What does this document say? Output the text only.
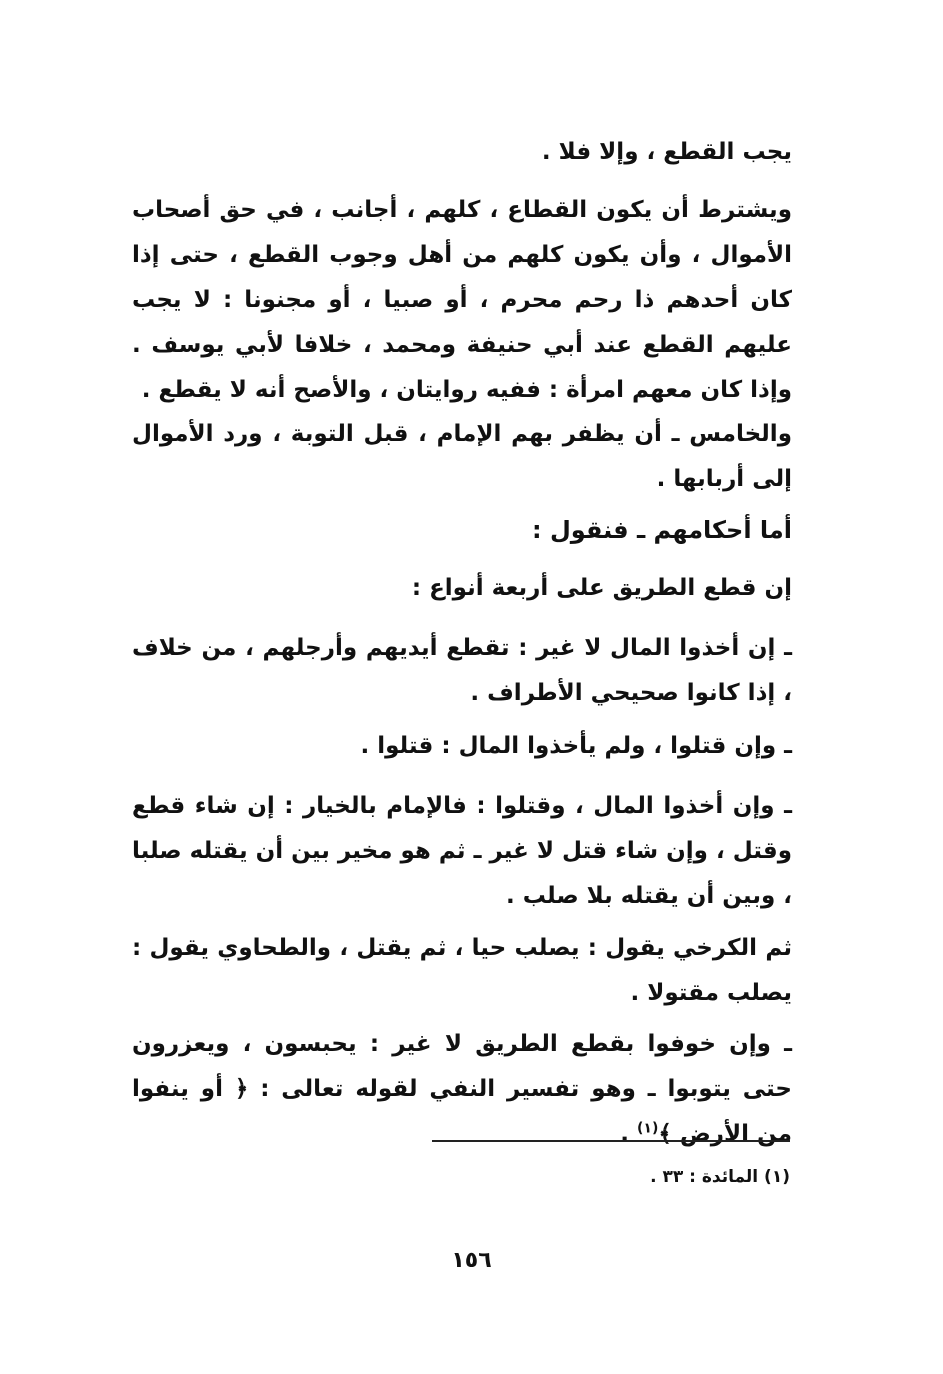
يجب القطع ، وإلا فلا .
ويشترط أن يكون القطاع ، كلهم ، أجانب ، في حق أصحاب الأموال ، وأن يكون كلهم من أهل وجوب القطع ، حتى إذا كان أحدهم ذا رحم محرم ، أو صبيا ، أو مجنونا : لا يجب عليهم القطع عند أبي حنيفة ومحمد ، خلافا لأبي يوسف . وإذا كان معهم امرأة : ففيه روايتان ، والأصح أنه لا يقطع .
والخامس ـ أن يظفر بهم الإمام ، قبل التوبة ، ورد الأموال إلى أربابها .
أما أحكامهم ـ فنقول :
إن قطع الطريق على أربعة أنواع :
ـ إن أخذوا المال لا غير : تقطع أيديهم وأرجلهم ، من خلاف ، إذا كانوا صحيحي الأطراف .
ـ وإن قتلوا ، ولم يأخذوا المال : قتلوا .
ـ وإن أخذوا المال ، وقتلوا : فالإمام بالخيار : إن شاء قطع وقتل ، وإن شاء قتل لا غير ـ ثم هو مخير بين أن يقتله صلبا ، وبين أن يقتله بلا صلب .
ثم الكرخي يقول : يصلب حيا ، ثم يقتل ، والطحاوي يقول : يصلب مقتولا .
ـ وإن خوفوا بقطع الطريق لا غير : يحبسون ، ويعزرون حتى يتوبوا ـ وهو تفسير النفي لقوله تعالى : ﴿ أو ينفوا من الأرض ﴾$^{(١)}$ .
(١) المائدة : ٣٣ .
١٥٦
